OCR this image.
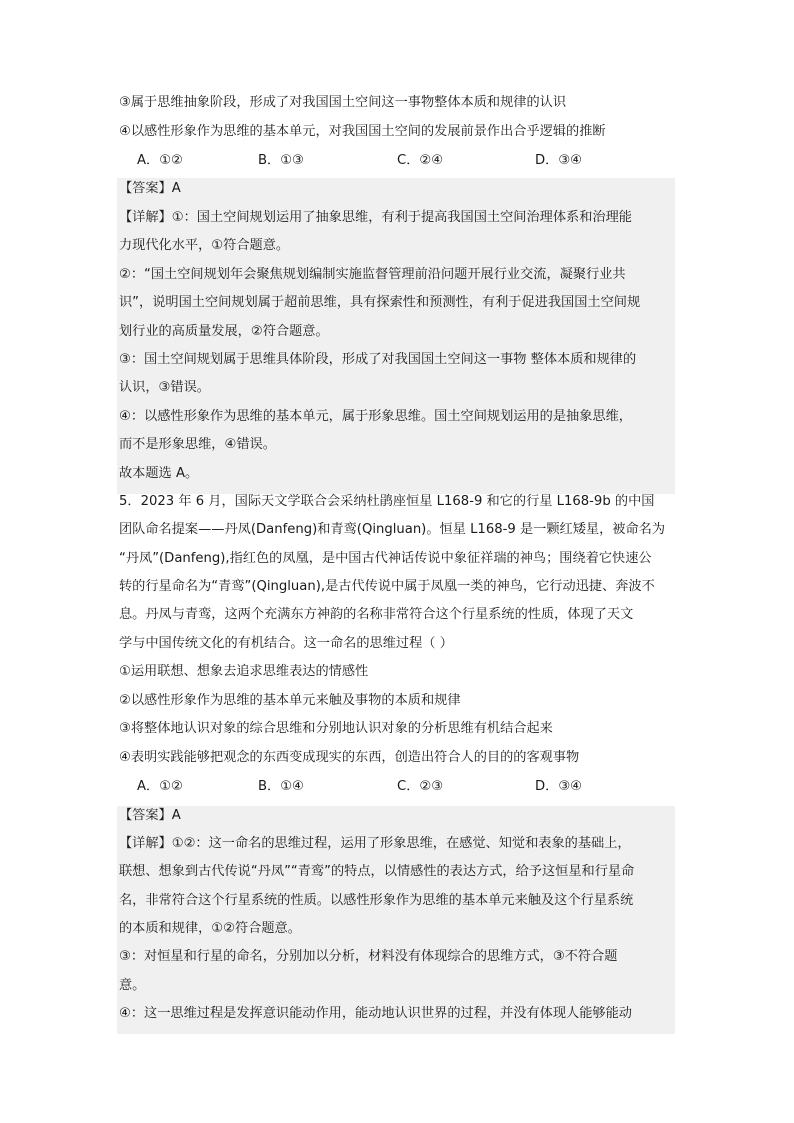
③属于思维抽象阶段，形成了对我国国土空间这一事物整体本质和规律的认识
④以感性形象作为思维的基本单元，对我国国土空间的发展前景作出合乎逻辑的推断
A．①②	B．①③	C．②④	D．③④
【答案】A
【详解】①：国土空间规划运用了抽象思维，有利于提高我国国土空间治理体系和治理能
力现代化水平，①符合题意。
②：“国土空间规划年会聚焦规划编制实施监督管理前沿问题开展行业交流，凝聚行业共
识”，说明国土空间规划属于超前思维，具有探索性和预测性，有利于促进我国国土空间规
划行业的高质量发展，②符合题意。
③：国土空间规划属于思维具体阶段，形成了对我国国土空间这一事物 整体本质和规律的
认识，③错误。
④：以感性形象作为思维的基本单元，属于形象思维。国土空间规划运用的是抽象思维，
而不是形象思维，④错误。
故本题选 A。
5．2023 年 6 月，国际天文学联合会采纳杜鹃座恒星 L168-9 和它的行星 L168-9b 的中国
团队命名提案——丹凤(Danfeng)和青鸾(Qingluan)。恒星 L168-9 是一颗红矮星，被命名为
“丹凤”(Danfeng),指红色的凤凰，是中国古代神话传说中象征祥瑞的神鸟；围绕着它快速公
转的行星命名为“青鸾”(Qingluan),是古代传说中属于凤凰一类的神鸟，它行动迅捷、奔波不
息。丹凤与青鸾，这两个充满东方神韵的名称非常符合这个行星系统的性质，体现了天文
学与中国传统文化的有机结合。这一命名的思维过程（ ）
①运用联想、想象去追求思维表达的情感性
②以感性形象作为思维的基本单元来触及事物的本质和规律
③将整体地认识对象的综合思维和分别地认识对象的分析思维有机结合起来
④表明实践能够把观念的东西变成现实的东西，创造出符合人的目的的客观事物
A．①②	B．①④	C．②③	D．③④
【答案】A
【详解】①②：这一命名的思维过程，运用了形象思维，在感觉、知觉和表象的基础上，
联想、想象到古代传说“丹凤”“青鸾”的特点，以情感性的表达方式，给予这恒星和行星命
名，非常符合这个行星系统的性质。以感性形象作为思维的基本单元来触及这个行星系统
的本质和规律，①②符合题意。
③：对恒星和行星的命名，分别加以分析，材料没有体现综合的思维方式，③不符合题
意。
④：这一思维过程是发挥意识能动作用，能动地认识世界的过程，并没有体现人能够能动
